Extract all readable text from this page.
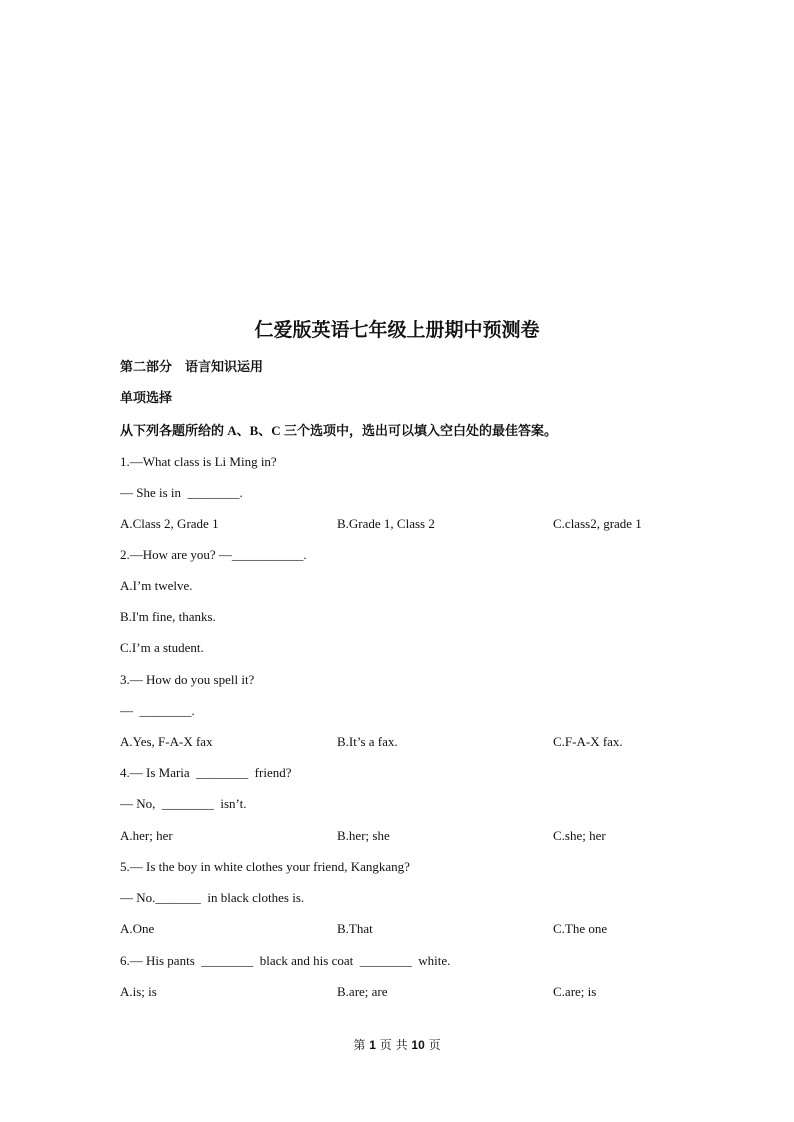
仁爱版英语七年级上册期中预测卷
第二部分　语言知识运用
单项选择
从下列各题所给的 A、B、C 三个选项中，选出可以填入空白处的最佳答案。
1.—What class is Li Ming in?
— She is in  ________.
A.Class 2, Grade 1	B.Grade 1, Class 2	C.class2, grade 1
2.—How are you? —___________.
A.I’m twelve.
B.I'm fine, thanks.
C.I’m a student.
3.— How do you spell it?
—  ________.
A.Yes, F-A-X fax	B.It’s a fax.	C.F-A-X fax.
4.— Is Maria  ________  friend?
— No,  ________  isn’t.
A.her; her	B.her; she	C.she; her
5.— Is the boy in white clothes your friend, Kangkang?
— No._______  in black clothes is.
A.One	B.That	C.The one
6.— His pants  ________  black and his coat  ________  white.
A.is; is	B.are; are	C.are; is
第 1 页 共 10 页
